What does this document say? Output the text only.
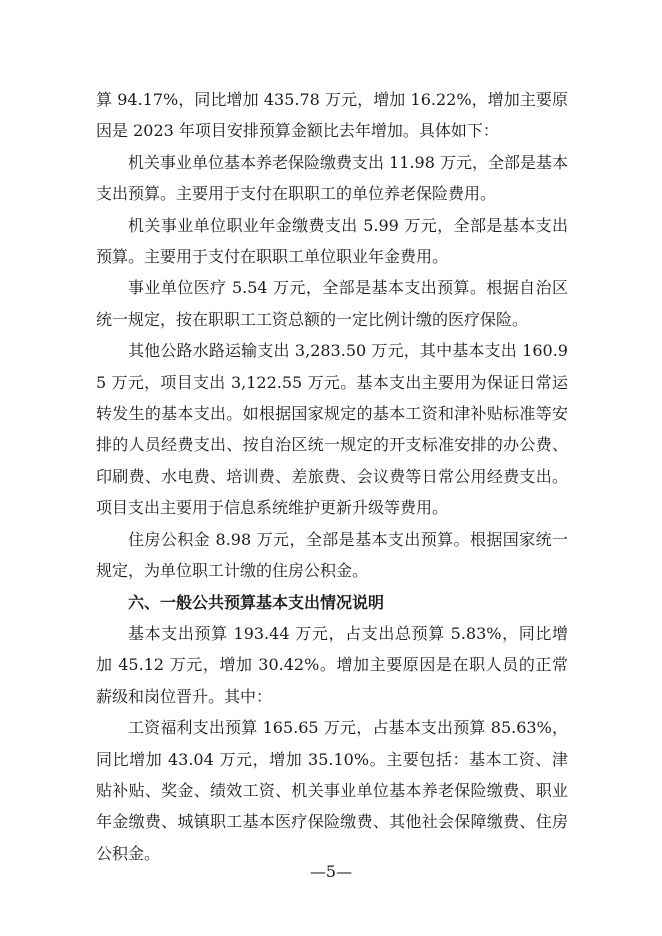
算 94.17%，同比增加 435.78 万元，增加 16.22%，增加主要原因是 2023 年项目安排预算金额比去年增加。具体如下：

机关事业单位基本养老保险缴费支出 11.98 万元，全部是基本支出预算。主要用于支付在职职工的单位养老保险费用。

机关事业单位职业年金缴费支出 5.99 万元，全部是基本支出预算。主要用于支付在职职工单位职业年金费用。

事业单位医疗 5.54 万元，全部是基本支出预算。根据自治区统一规定，按在职职工工资总额的一定比例计缴的医疗保险。

其他公路水路运输支出 3,283.50 万元，其中基本支出 160.95 万元，项目支出 3,122.55 万元。基本支出主要用为保证日常运转发生的基本支出。如根据国家规定的基本工资和津补贴标准等安排的人员经费支出、按自治区统一规定的开支标准安排的办公费、印刷费、水电费、培训费、差旅费、会议费等日常公用经费支出。项目支出主要用于信息系统维护更新升级等费用。

住房公积金 8.98 万元，全部是基本支出预算。根据国家统一规定，为单位职工计缴的住房公积金。

六、一般公共预算基本支出情况说明

基本支出预算 193.44 万元，占支出总预算 5.83%，同比增加 45.12 万元，增加 30.42%。增加主要原因是在职人员的正常薪级和岗位晋升。其中：

工资福利支出预算 165.65 万元，占基本支出预算 85.63%，同比增加 43.04 万元，增加 35.10%。主要包括：基本工资、津贴补贴、奖金、绩效工资、机关事业单位基本养老保险缴费、职业年金缴费、城镇职工基本医疗保险缴费、其他社会保障缴费、住房公积金。

—5—
